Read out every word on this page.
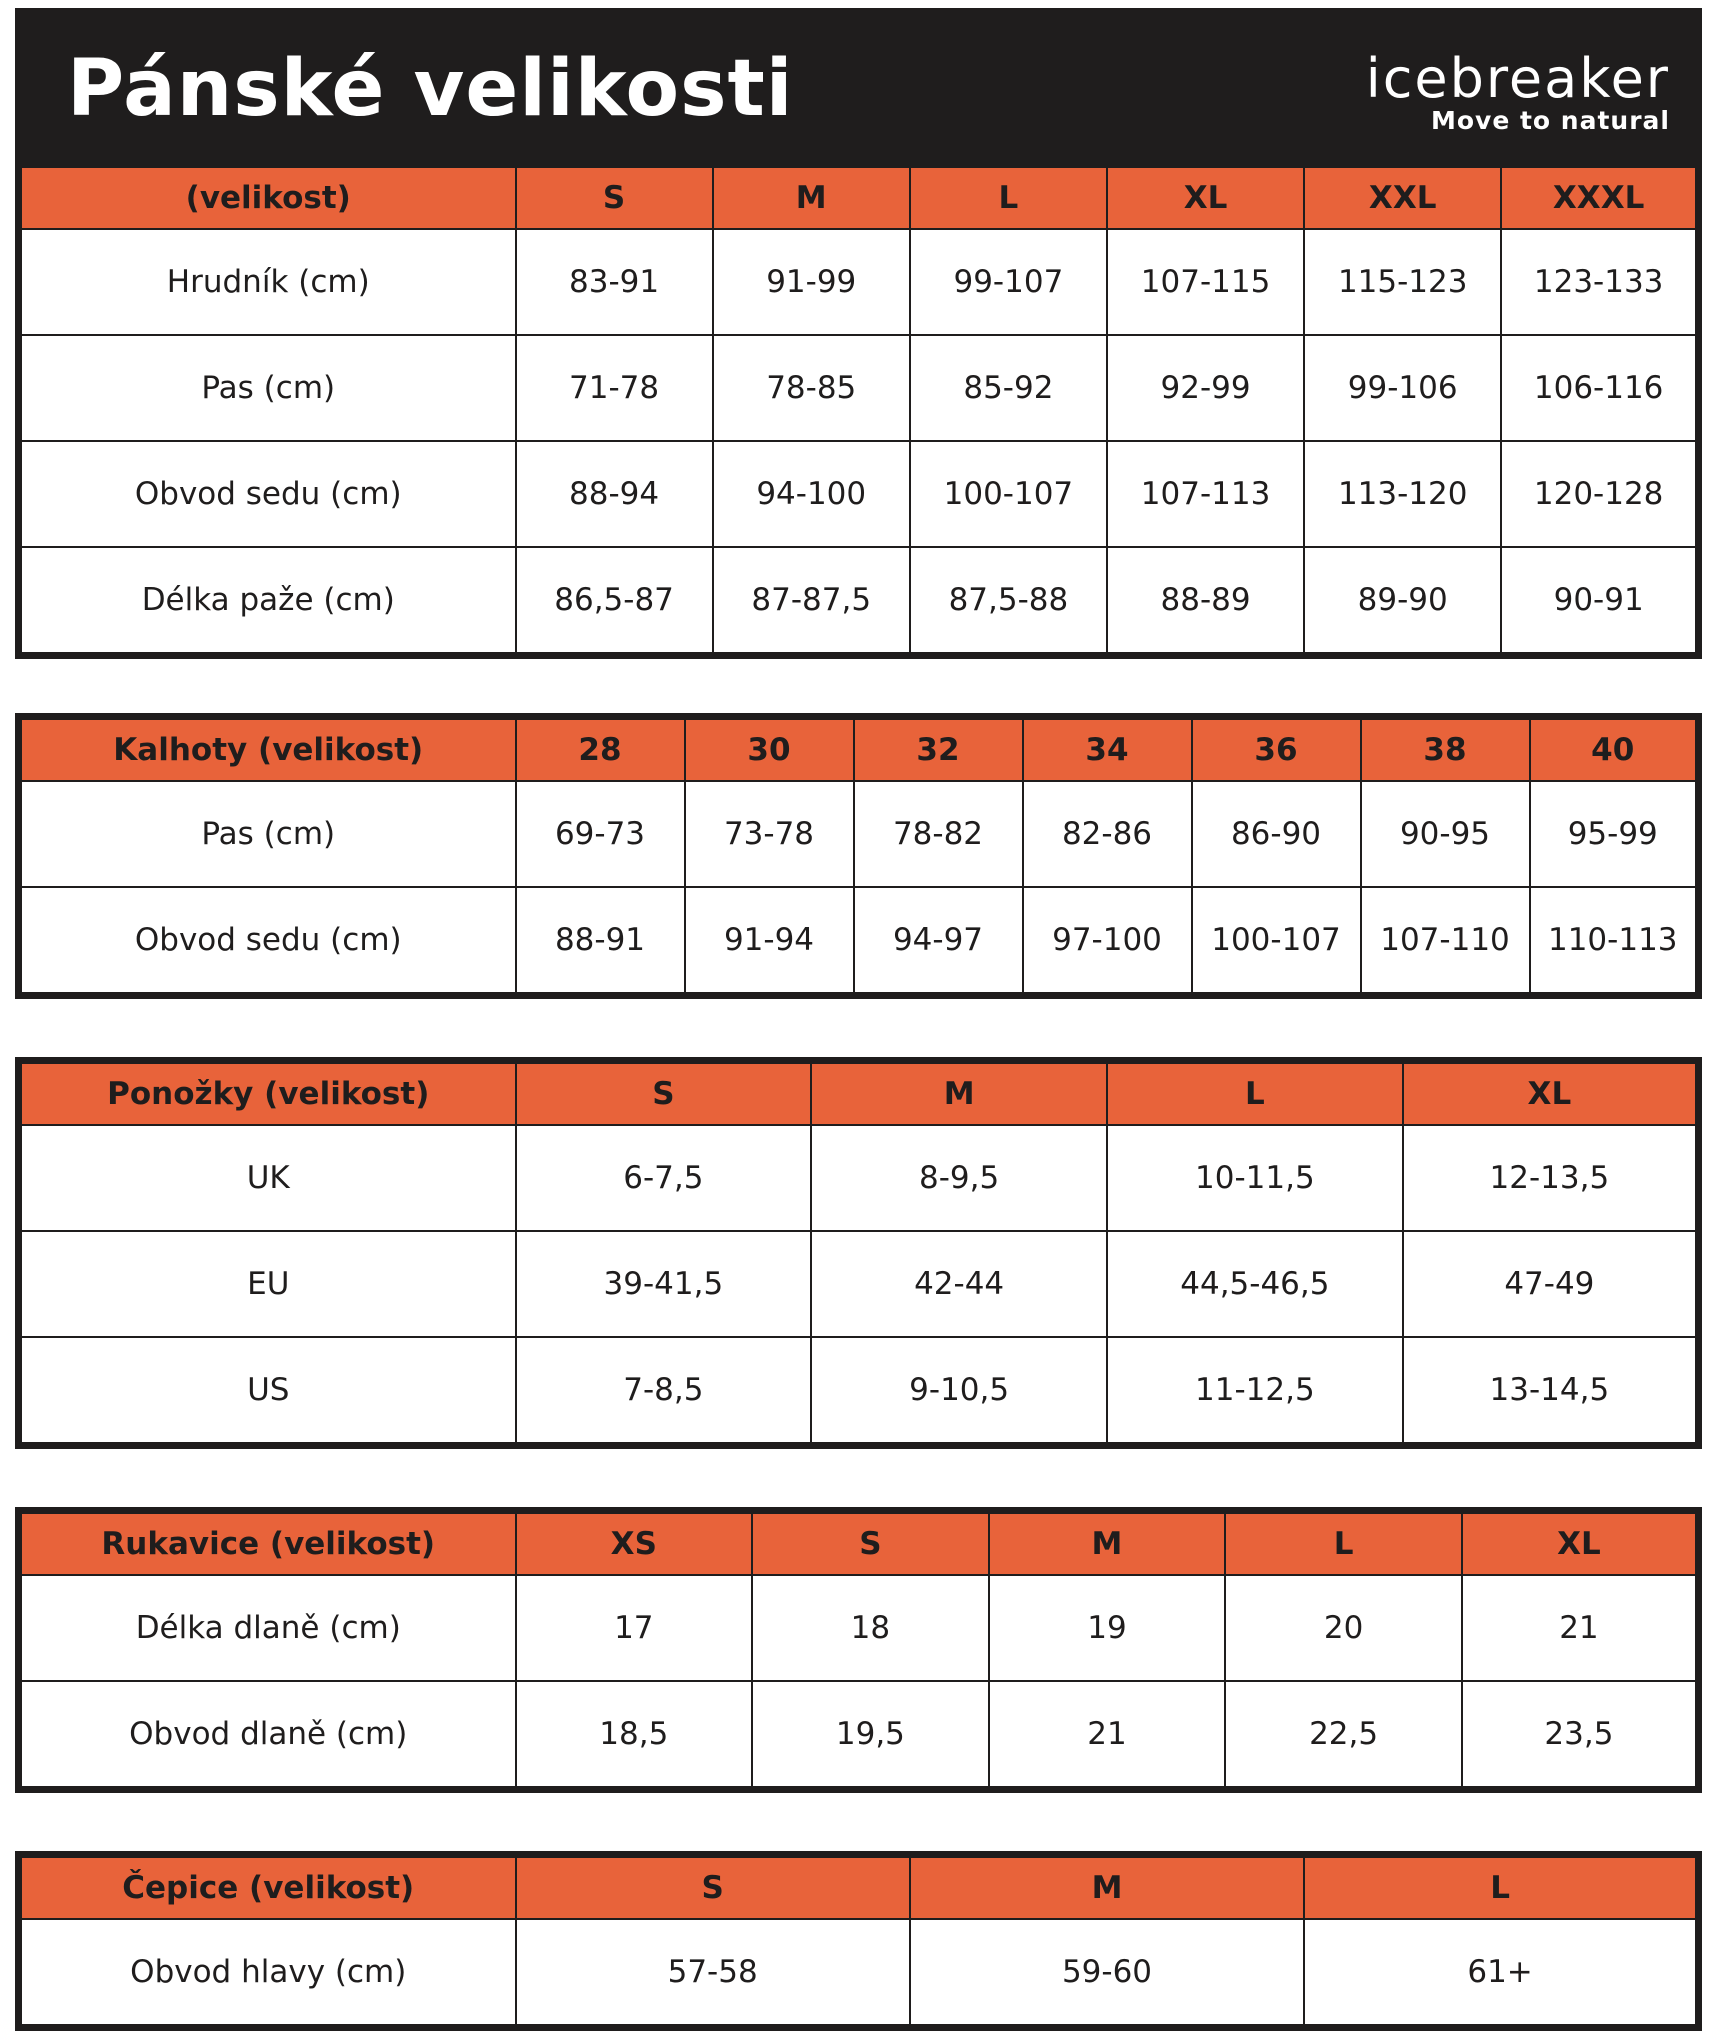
Pánské velikosti	icebreaker
Move to natural
(velikost)	S	M	L	XL	XXL	XXXL
Hrudník (cm)	83-91	91-99	99-107	107-115	115-123	123-133
Pas (cm)	71-78	78-85	85-92	92-99	99-106	106-116
Obvod sedu (cm)	88-94	94-100	100-107	107-113	113-120	120-128
Délka paže (cm)	86,5-87	87-87,5	87,5-88	88-89	89-90	90-91
Kalhoty (velikost)	28	30	32	34	36	38	40
Pas (cm)	69-73	73-78	78-82	82-86	86-90	90-95	95-99
Obvod sedu (cm)	88-91	91-94	94-97	97-100	100-107	107-110	110-113
Ponožky (velikost)	S	M	L	XL
UK	6-7,5	8-9,5	10-11,5	12-13,5
EU	39-41,5	42-44	44,5-46,5	47-49
US	7-8,5	9-10,5	11-12,5	13-14,5
Rukavice (velikost)	XS	S	M	L	XL
Délka dlaně (cm)	17	18	19	20	21
Obvod dlaně (cm)	18,5	19,5	21	22,5	23,5
Čepice (velikost)	S	M	L
Obvod hlavy (cm)	57-58	59-60	61+
